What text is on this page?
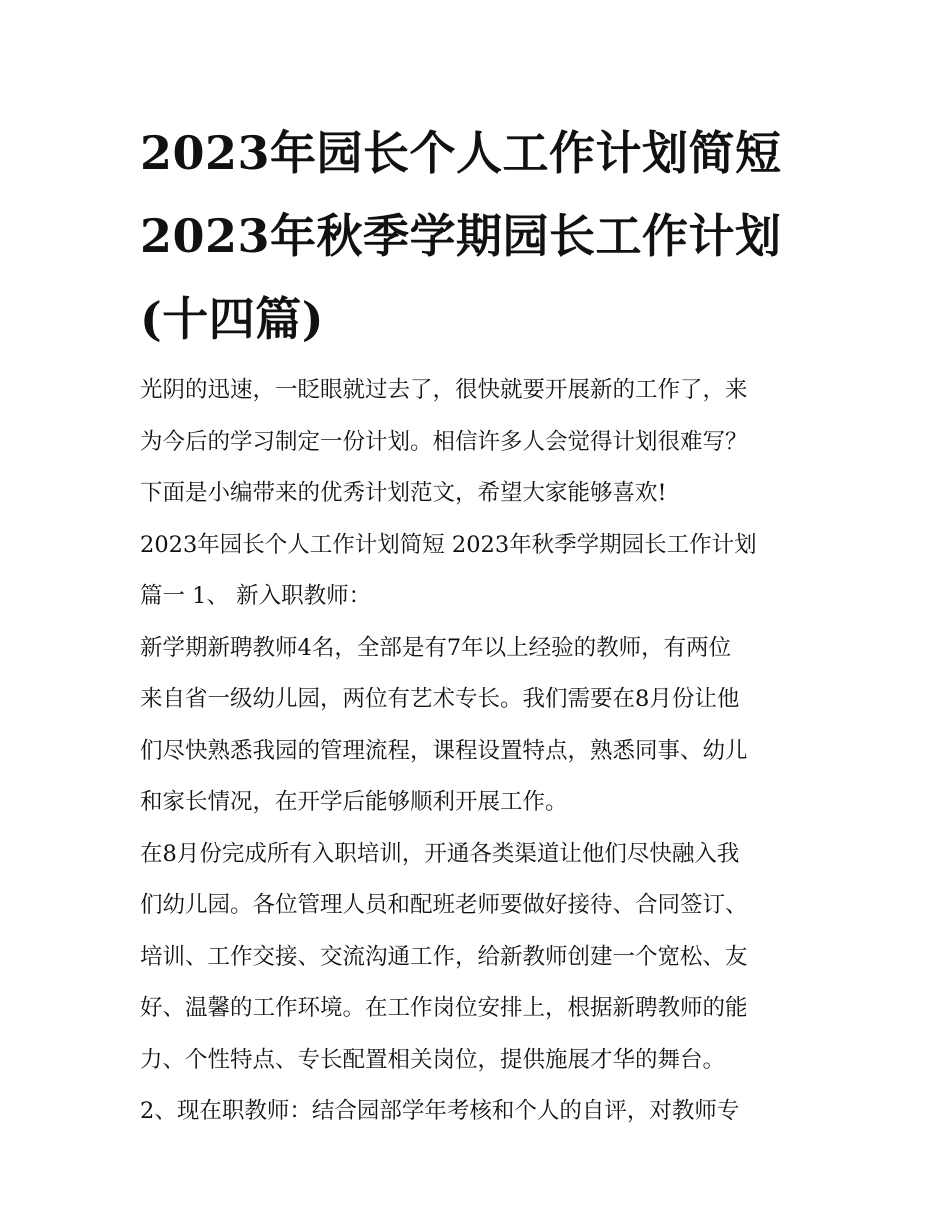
2023年园长个人工作计划简短
2023年秋季学期园长工作计划
(十四篇)

光阴的迅速，一眨眼就过去了，很快就要开展新的工作了，来
为今后的学习制定一份计划。相信许多人会觉得计划很难写？
下面是小编带来的优秀计划范文，希望大家能够喜欢!

2023年园长个人工作计划简短 2023年秋季学期园长工作计划
篇一 1、 新入职教师：

新学期新聘教师4名，全部是有7年以上经验的教师，有两位
来自省一级幼儿园，两位有艺术专长。我们需要在8月份让他
们尽快熟悉我园的管理流程，课程设置特点，熟悉同事、幼儿
和家长情况，在开学后能够顺利开展工作。

在8月份完成所有入职培训，开通各类渠道让他们尽快融入我
们幼儿园。各位管理人员和配班老师要做好接待、合同签订、
培训、工作交接、交流沟通工作，给新教师创建一个宽松、友
好、温馨的工作环境。在工作岗位安排上，根据新聘教师的能
力、个性特点、专长配置相关岗位，提供施展才华的舞台。

2、现在职教师：结合园部学年考核和个人的自评，对教师专
